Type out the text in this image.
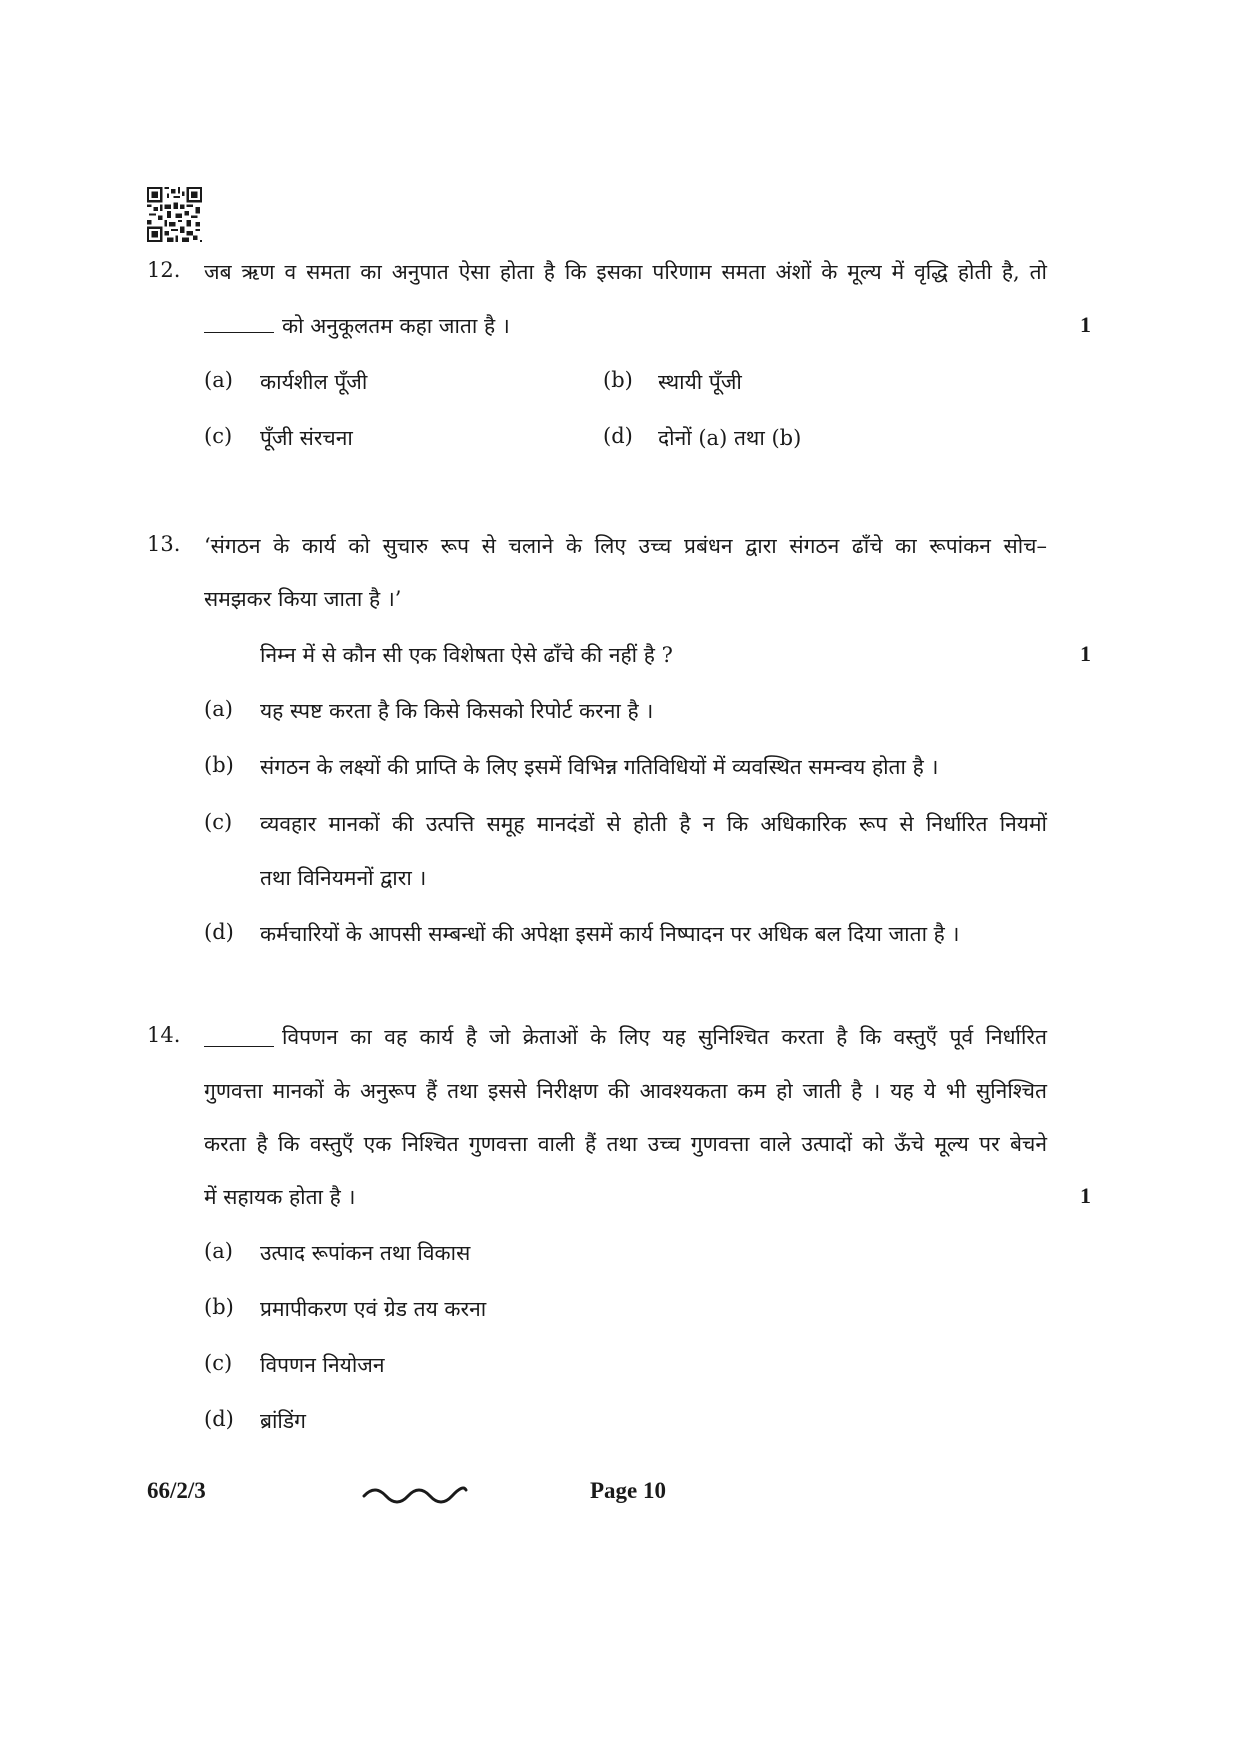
12.	जब ऋण व समता का अनुपात ऐसा होता है कि इसका परिणाम समता अंशों के मूल्य में वृद्धि होती है, तो
को अनुकूलतम कहा जाता है ।	1
(a)	कार्यशील पूँजी	(b)	स्थायी पूँजी
(c)	पूँजी संरचना	(d)	दोनों (a) तथा (b)
13.	‘संगठन के कार्य को सुचारु रूप से चलाने के लिए उच्च प्रबंधन द्वारा संगठन ढाँचे का रूपांकन सोच–
समझकर किया जाता है ।’
निम्न में से कौन सी एक विशेषता ऐसे ढाँचे की नहीं है ?	1
(a)	यह स्पष्ट करता है कि किसे किसको रिपोर्ट करना है ।
(b)	संगठन के लक्ष्यों की प्राप्ति के लिए इसमें विभिन्न गतिविधियों में व्यवस्थित समन्वय होता है ।
(c)	व्यवहार मानकों की उत्पत्ति समूह मानदंडों से होती है न कि अधिकारिक रूप से निर्धारित नियमों
तथा विनियमनों द्वारा ।
(d)	कर्मचारियों के आपसी सम्बन्धों की अपेक्षा इसमें कार्य निष्पादन पर अधिक बल दिया जाता है ।
14.	विपणन का वह कार्य है जो क्रेताओं के लिए यह सुनिश्चित करता है कि वस्तुएँ पूर्व निर्धारित
गुणवत्ता मानकों के अनुरूप हैं तथा इससे निरीक्षण की आवश्यकता कम हो जाती है । यह ये भी सुनिश्चित
करता है कि वस्तुएँ एक निश्चित गुणवत्ता वाली हैं तथा उच्च गुणवत्ता वाले उत्पादों को ऊँचे मूल्य पर बेचने
में सहायक होता है ।	1
(a)	उत्पाद रूपांकन तथा विकास
(b)	प्रमापीकरण एवं ग्रेड तय करना
(c)	विपणन नियोजन
(d)	ब्रांडिंग
66/2/3	Page 10
